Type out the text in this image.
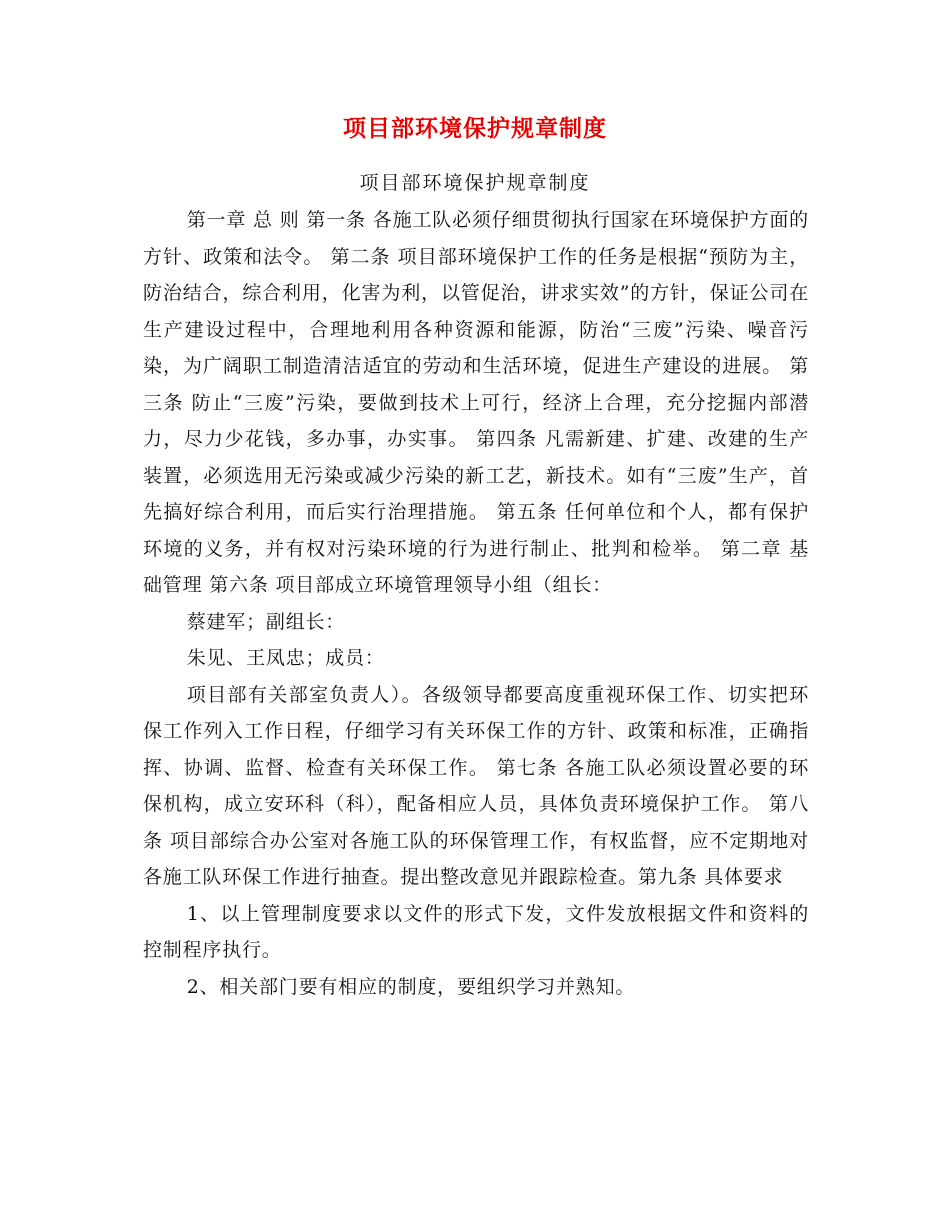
项目部环境保护规章制度
项目部环境保护规章制度

第一章 总 则 第一条 各施工队必须仔细贯彻执行国家在环境保护方面的方针、政策和法令。 第二条 项目部环境保护工作的任务是根据“预防为主，防治结合，综合利用，化害为利，以管促治，讲求实效”的方针，保证公司在生产建设过程中，合理地利用各种资源和能源，防治“三废”污染、噪音污染，为广阔职工制造清洁适宜的劳动和生活环境，促进生产建设的进展。 第三条 防止“三废”污染，要做到技术上可行，经济上合理，充分挖掘内部潜力，尽力少花钱，多办事，办实事。 第四条 凡需新建、扩建、改建的生产装置，必须选用无污染或减少污染的新工艺，新技术。如有“三废”生产，首先搞好综合利用，而后实行治理措施。 第五条 任何单位和个人，都有保护环境的义务，并有权对污染环境的行为进行制止、批判和检举。 第二章 基础管理 第六条 项目部成立环境管理领导小组（组长：

蔡建军；副组长：

朱见、王凤忠；成员：

项目部有关部室负责人）。各级领导都要高度重视环保工作、切实把环保工作列入工作日程，仔细学习有关环保工作的方针、政策和标准，正确指挥、协调、监督、检查有关环保工作。 第七条 各施工队必须设置必要的环保机构，成立安环科（科），配备相应人员，具体负责环境保护工作。 第八条 项目部综合办公室对各施工队的环保管理工作，有权监督，应不定期地对各施工队环保工作进行抽查。提出整改意见并跟踪检查。第九条 具体要求

1、以上管理制度要求以文件的形式下发，文件发放根据文件和资料的控制程序执行。

2、相关部门要有相应的制度，要组织学习并熟知。
